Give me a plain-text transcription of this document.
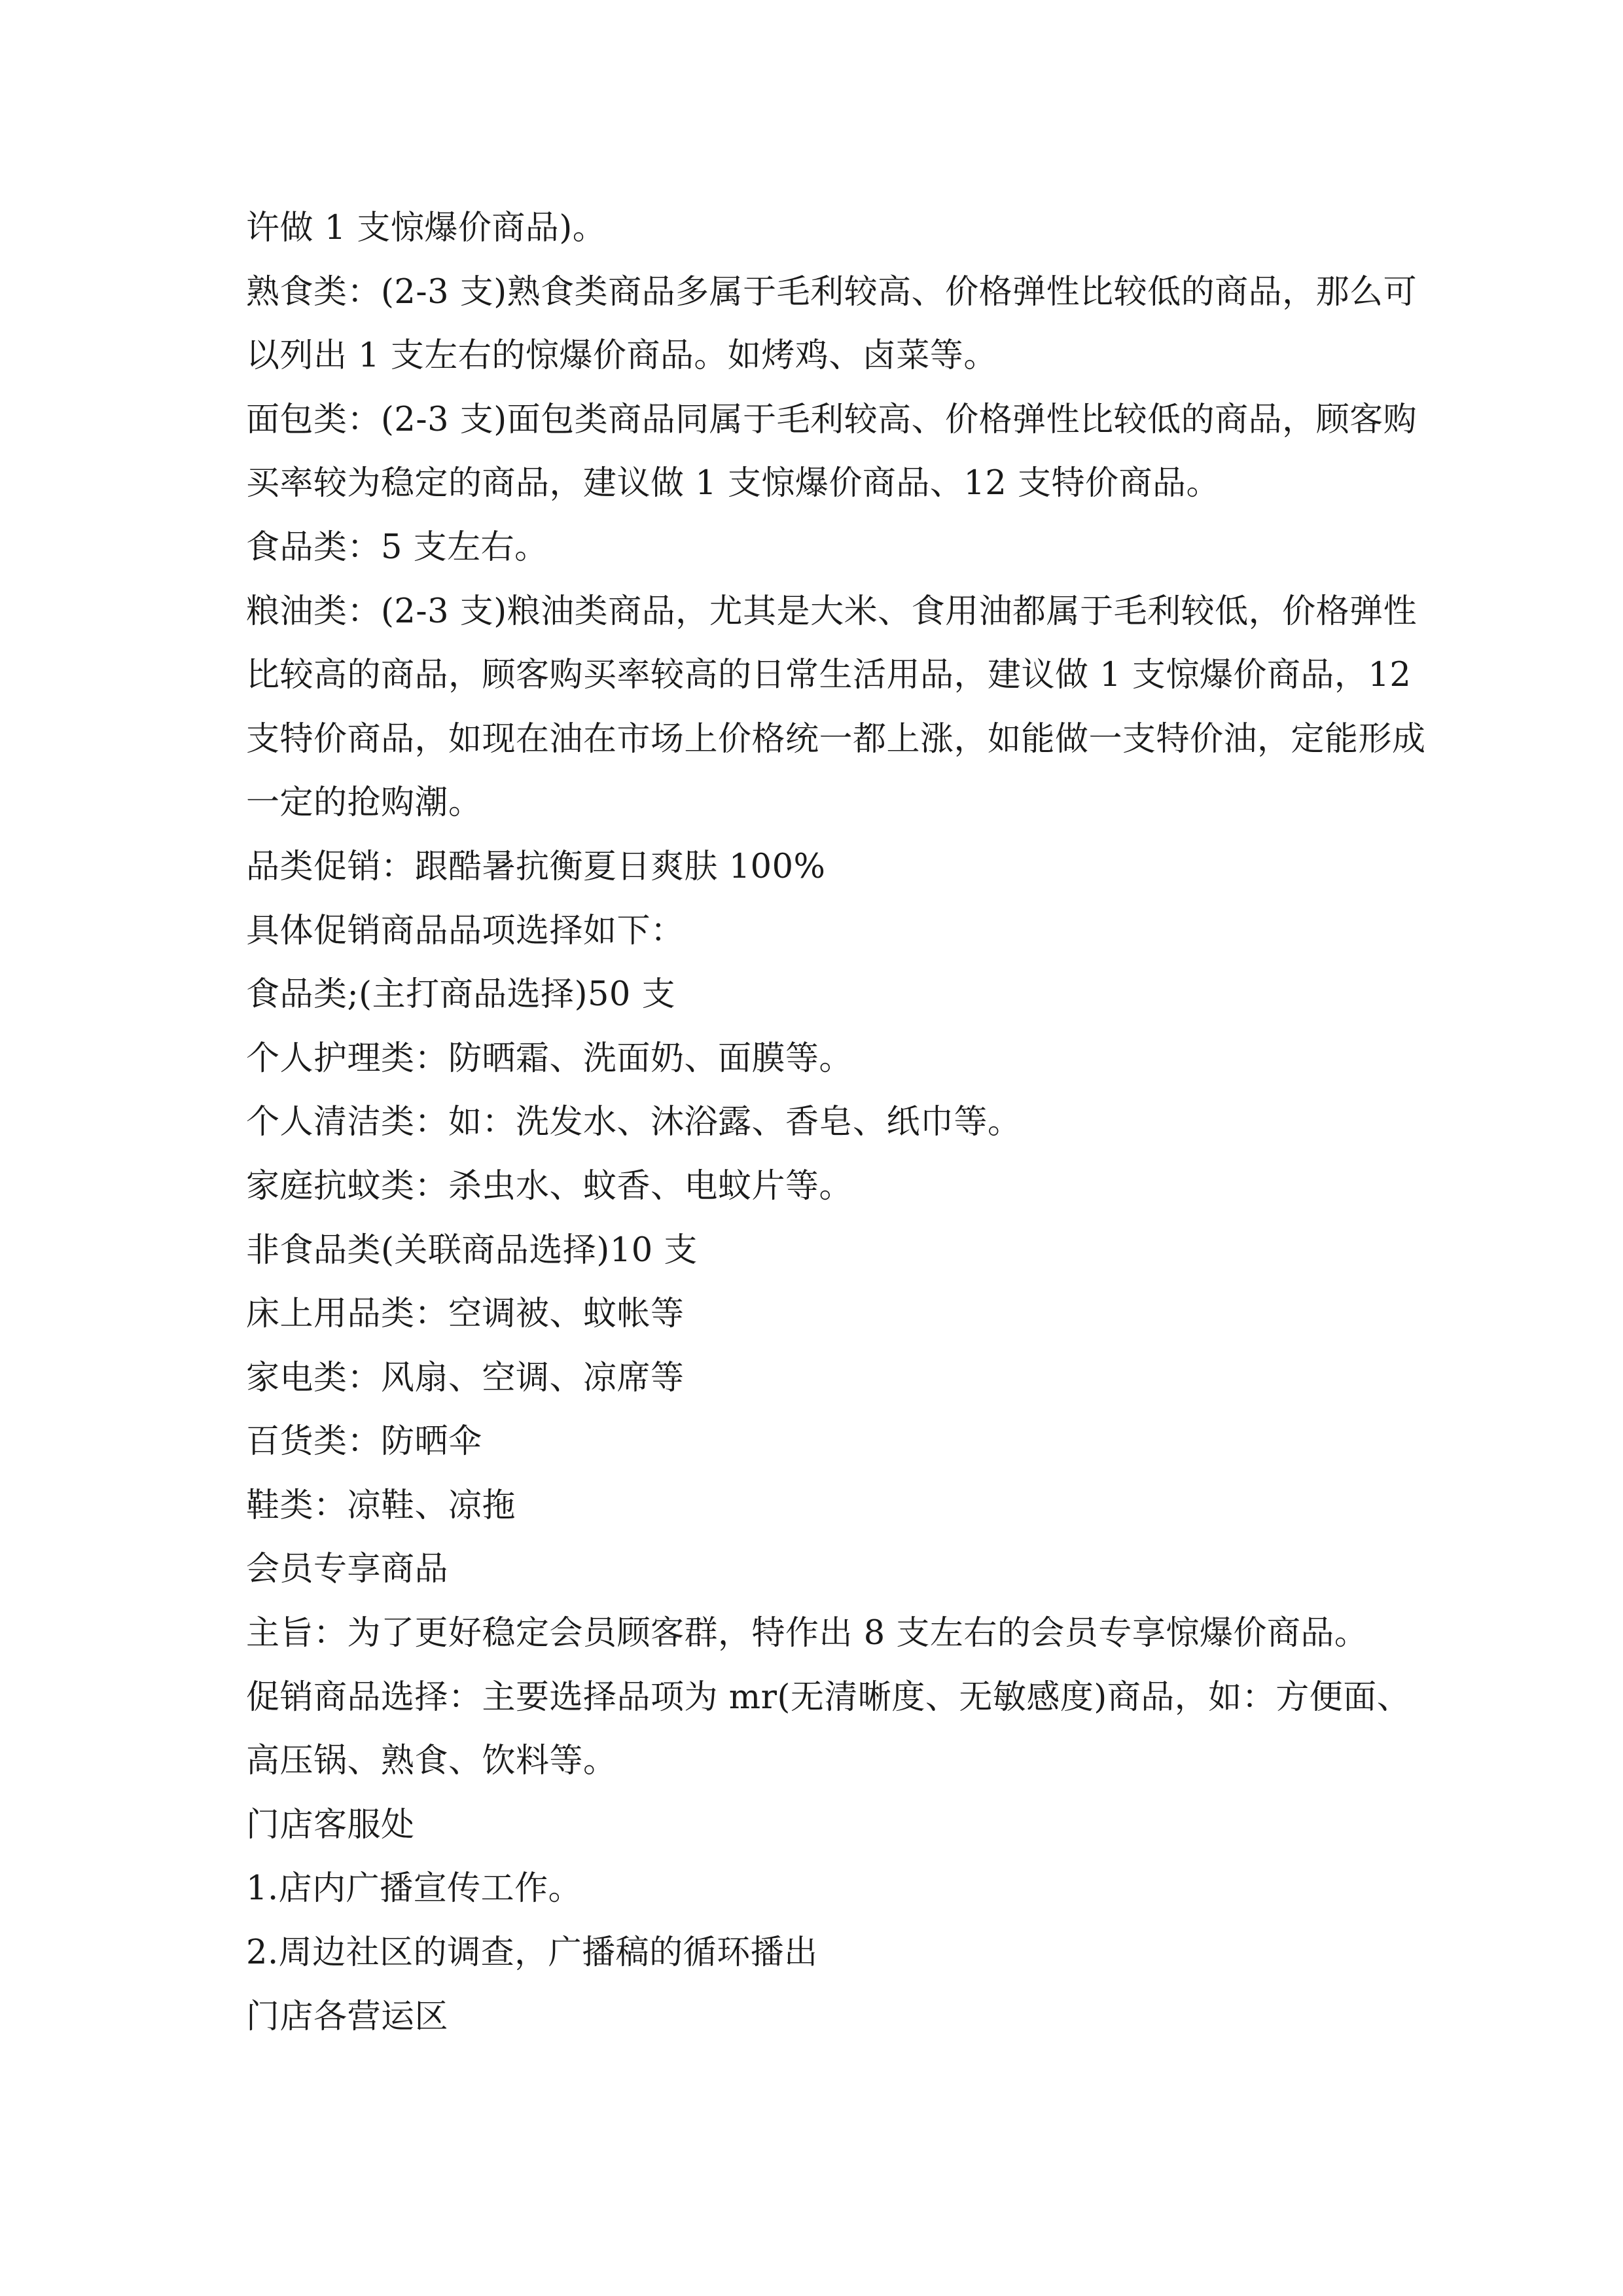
许做 1 支惊爆价商品)。
熟食类：(2-3 支)熟食类商品多属于毛利较高、价格弹性比较低的商品，那么可
以列出 1 支左右的惊爆价商品。如烤鸡、卤菜等。
面包类：(2-3 支)面包类商品同属于毛利较高、价格弹性比较低的商品，顾客购
买率较为稳定的商品，建议做 1 支惊爆价商品、12 支特价商品。
食品类：5 支左右。
粮油类：(2-3 支)粮油类商品，尤其是大米、食用油都属于毛利较低，价格弹性
比较高的商品，顾客购买率较高的日常生活用品，建议做 1 支惊爆价商品，12
支特价商品，如现在油在市场上价格统一都上涨，如能做一支特价油，定能形成
一定的抢购潮。
品类促销：跟酷暑抗衡夏日爽肤 100%
具体促销商品品项选择如下：
食品类;(主打商品选择)50 支
个人护理类：防晒霜、洗面奶、面膜等。
个人清洁类：如：洗发水、沐浴露、香皂、纸巾等。
家庭抗蚊类：杀虫水、蚊香、电蚊片等。
非食品类(关联商品选择)10 支
床上用品类：空调被、蚊帐等
家电类：风扇、空调、凉席等
百货类：防晒伞
鞋类：凉鞋、凉拖
会员专享商品
主旨：为了更好稳定会员顾客群，特作出 8 支左右的会员专享惊爆价商品。
促销商品选择：主要选择品项为 mr(无清晰度、无敏感度)商品，如：方便面、
高压锅、熟食、饮料等。
门店客服处
1.店内广播宣传工作。
2.周边社区的调查，广播稿的循环播出
门店各营运区
